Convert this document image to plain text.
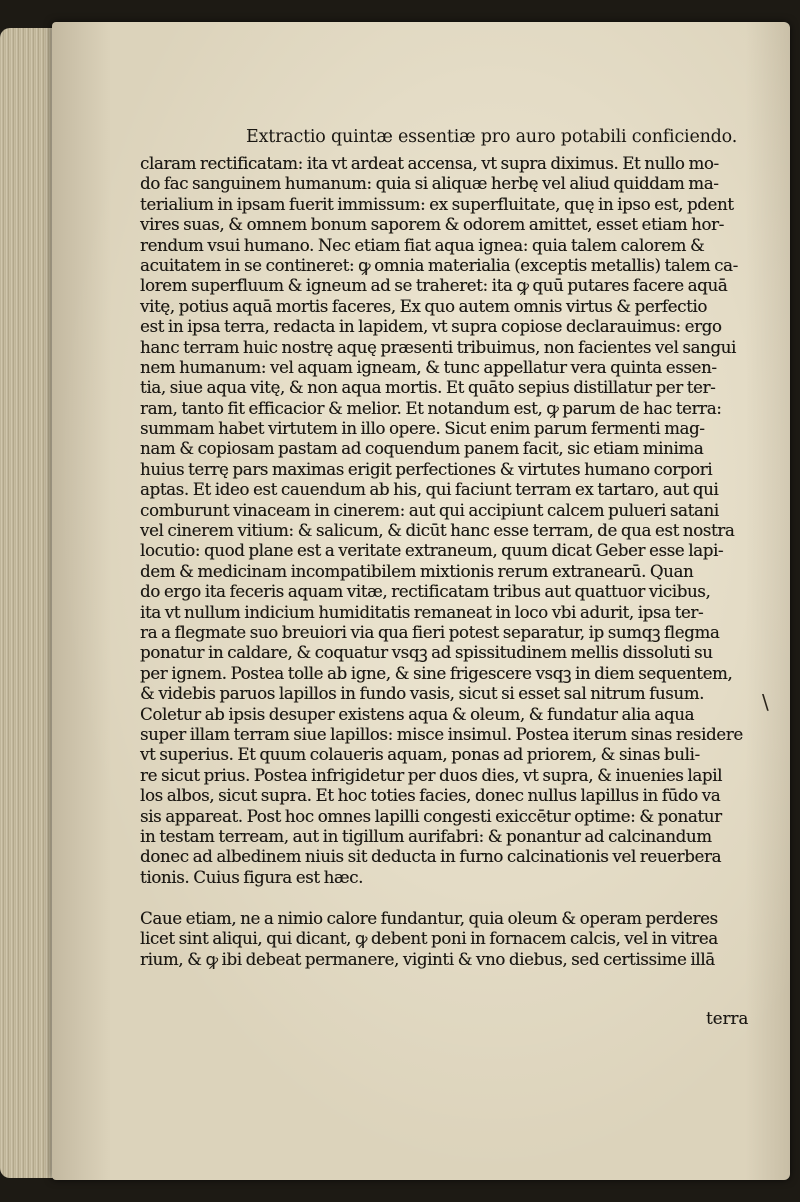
Extractio quintæ essentiæ pro auro potabili conficiendo.
claram rectificatam: ita vt ardeat accensa, vt supra diximus. Et nullo mo-
do fac sanguinem humanum: quia si aliquæ herbę vel aliud quiddam ma-
terialium in ipsam fuerit immissum: ex superfluitate, quę in ipso est, pdent
vires suas, & omnem bonum saporem & odorem amittet, esset etiam hor-
rendum vsui humano. Nec etiam fiat aqua ignea: quia talem calorem &
acuitatem in se contineret: ꝙ omnia materialia (exceptis metallis) talem ca-
lorem superfluum & igneum ad se traheret: ita ꝙ quū putares facere aquā
vitę, potius aquā mortis faceres, Ex quo autem omnis virtus & perfectio
est in ipsa terra, redacta in lapidem, vt supra copiose declarauimus: ergo
hanc terram huic nostrę aquę præsenti tribuimus, non facientes vel sangui
nem humanum: vel aquam igneam, & tunc appellatur vera quinta essen-
tia, siue aqua vitę, & non aqua mortis. Et quāto sepius distillatur per ter-
ram, tanto fit efficacior & melior. Et notandum est, ꝙ parum de hac terra:
summam habet virtutem in illo opere. Sicut enim parum fermenti mag-
nam & copiosam pastam ad coquendum panem facit, sic etiam minima
huius terrę pars maximas erigit perfectiones & virtutes humano corpori
aptas. Et ideo est cauendum ab his, qui faciunt terram ex tartaro, aut qui
comburunt vinaceam in cinerem: aut qui accipiunt calcem pulueri satani
vel cinerem vitium: & salicum, & dicūt hanc esse terram, de qua est nostra
locutio: quod plane est a veritate extraneum, quum dicat Geber esse lapi-
dem & medicinam incompatibilem mixtionis rerum extranearū. Quan
do ergo ita feceris aquam vitæ, rectificatam tribus aut quattuor vicibus,
ita vt nullum indicium humiditatis remaneat in loco vbi adurit, ipsa ter-
ra a flegmate suo breuiori via qua fieri potest separatur, ip sumqꝫ flegma
ponatur in caldare, & coquatur vsqꝫ ad spissitudinem mellis dissoluti su
per ignem. Postea tolle ab igne, & sine frigescere vsqꝫ in diem sequentem,
& videbis paruos lapillos in fundo vasis, sicut si esset sal nitrum fusum.
Coletur ab ipsis desuper existens aqua & oleum, & fundatur alia aqua
super illam terram siue lapillos: misce insimul. Postea iterum sinas residere
vt superius. Et quum colaueris aquam, ponas ad priorem, & sinas buli-
re sicut prius. Postea infrigidetur per duos dies, vt supra, & inuenies lapil
los albos, sicut supra. Et hoc toties facies, donec nullus lapillus in fūdo va
sis appareat. Post hoc omnes lapilli congesti exiccētur optime: & ponatur
in testam terream, aut in tigillum aurifabri: & ponantur ad calcinandum
donec ad albedinem niuis sit deducta in furno calcinationis vel reuerbera
tionis. Cuius figura est hæc.
Caue etiam, ne a nimio calore fundantur, quia oleum & operam perderes
licet sint aliqui, qui dicant, ꝙ debent poni in fornacem calcis, vel in vitrea
rium, & ꝙ ibi debeat permanere, viginti & vno diebus, sed certissime illā
terra
\
